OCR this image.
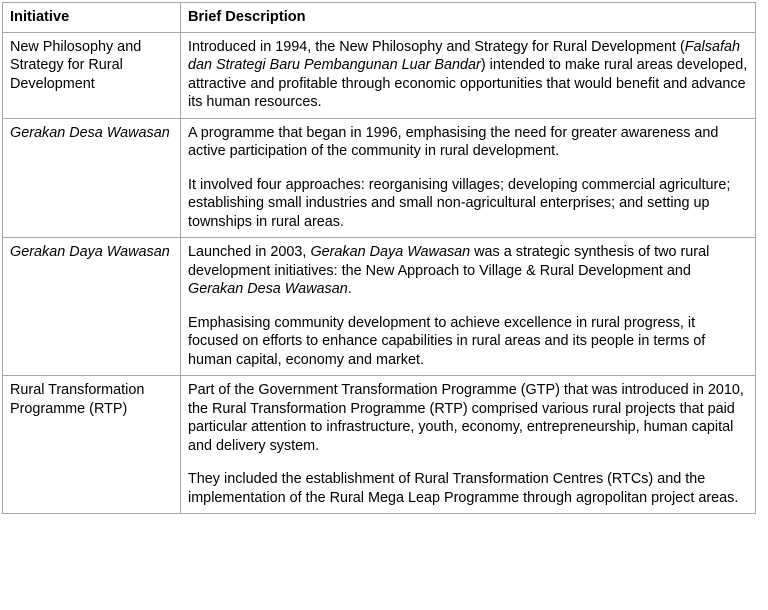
Initiative	Brief Description
New Philosophy and Strategy for Rural Development	Introduced in 1994, the New Philosophy and Strategy for Rural Development (Falsafah dan Strategi Baru Pembangunan Luar Bandar) intended to make rural areas developed, attractive and profitable through economic opportunities that would benefit and advance its human resources.

Gerakan Desa Wawasan	A programme that began in 1996, emphasising the need for greater awareness and active participation of the community in rural development.

It involved four approaches: reorganising villages; developing commercial agriculture; establishing small industries and small non-agricultural enterprises; and setting up townships in rural areas.

Gerakan Daya Wawasan	Launched in 2003, Gerakan Daya Wawasan was a strategic synthesis of two rural development initiatives: the New Approach to Village & Rural Development and Gerakan Desa Wawasan.

Emphasising community development to achieve excellence in rural progress, it focused on efforts to enhance capabilities in rural areas and its people in terms of human capital, economy and market.

Rural Transformation Programme (RTP)	Part of the Government Transformation Programme (GTP) that was introduced in 2010, the Rural Transformation Programme (RTP) comprised various rural projects that paid particular attention to infrastructure, youth, economy, entrepreneurship, human capital and delivery system.

They included the establishment of Rural Transformation Centres (RTCs) and the implementation of the Rural Mega Leap Programme through agropolitan project areas.
